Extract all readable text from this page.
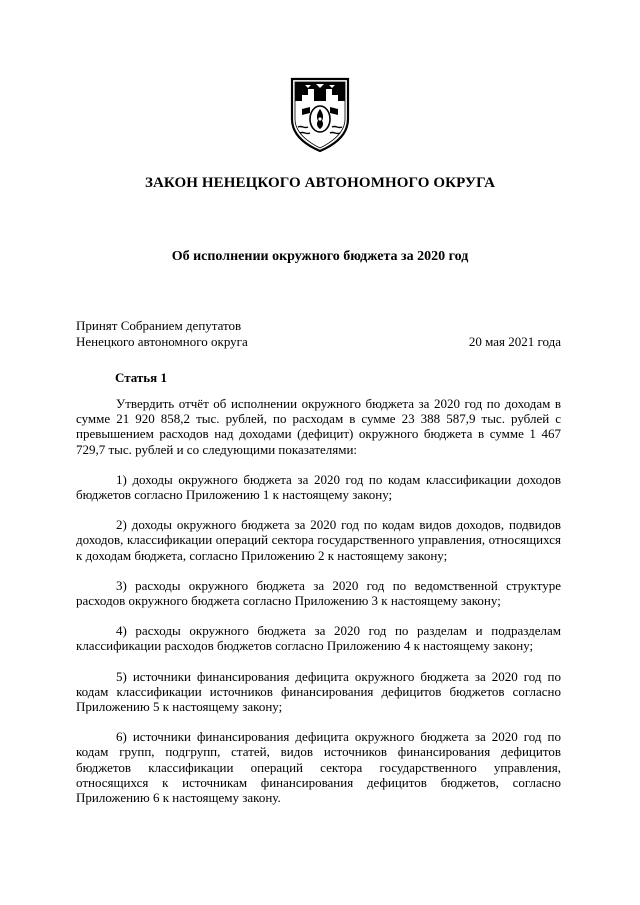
ЗАКОН НЕНЕЦКОГО АВТОНОМНОГО ОКРУГА
Об исполнении окружного бюджета за 2020 год
Принят Собранием депутатов
Ненецкого автономного округа	20 мая 2021 года
Статья 1

Утвердить отчёт об исполнении окружного бюджета за 2020 год по доходам в сумме 21 920 858,2 тыс. рублей, по расходам в сумме 23 388 587,9 тыс. рублей с превышением расходов над доходами (дефицит) окружного бюджета в сумме 1 467 729,7 тыс. рублей и со следующими показателями:

1) доходы окружного бюджета за 2020 год по кодам классификации доходов бюджетов согласно Приложению 1 к настоящему закону;

2) доходы окружного бюджета за 2020 год по кодам видов доходов, подвидов доходов, классификации операций сектора государственного управления, относящихся к доходам бюджета, согласно Приложению 2 к настоящему закону;

3) расходы окружного бюджета за 2020 год по ведомственной структуре расходов окружного бюджета согласно Приложению 3 к настоящему закону;

4) расходы окружного бюджета за 2020 год по разделам и подразделам классификации расходов бюджетов согласно Приложению 4 к настоящему закону;

5) источники финансирования дефицита окружного бюджета за 2020 год по кодам классификации источников финансирования дефицитов бюджетов согласно Приложению 5 к настоящему закону;

6) источники финансирования дефицита окружного бюджета за 2020 год по кодам групп, подгрупп, статей, видов источников финансирования дефицитов бюджетов классификации операций сектора государственного управления, относящихся к источникам финансирования дефицитов бюджетов, согласно Приложению 6 к настоящему закону.
